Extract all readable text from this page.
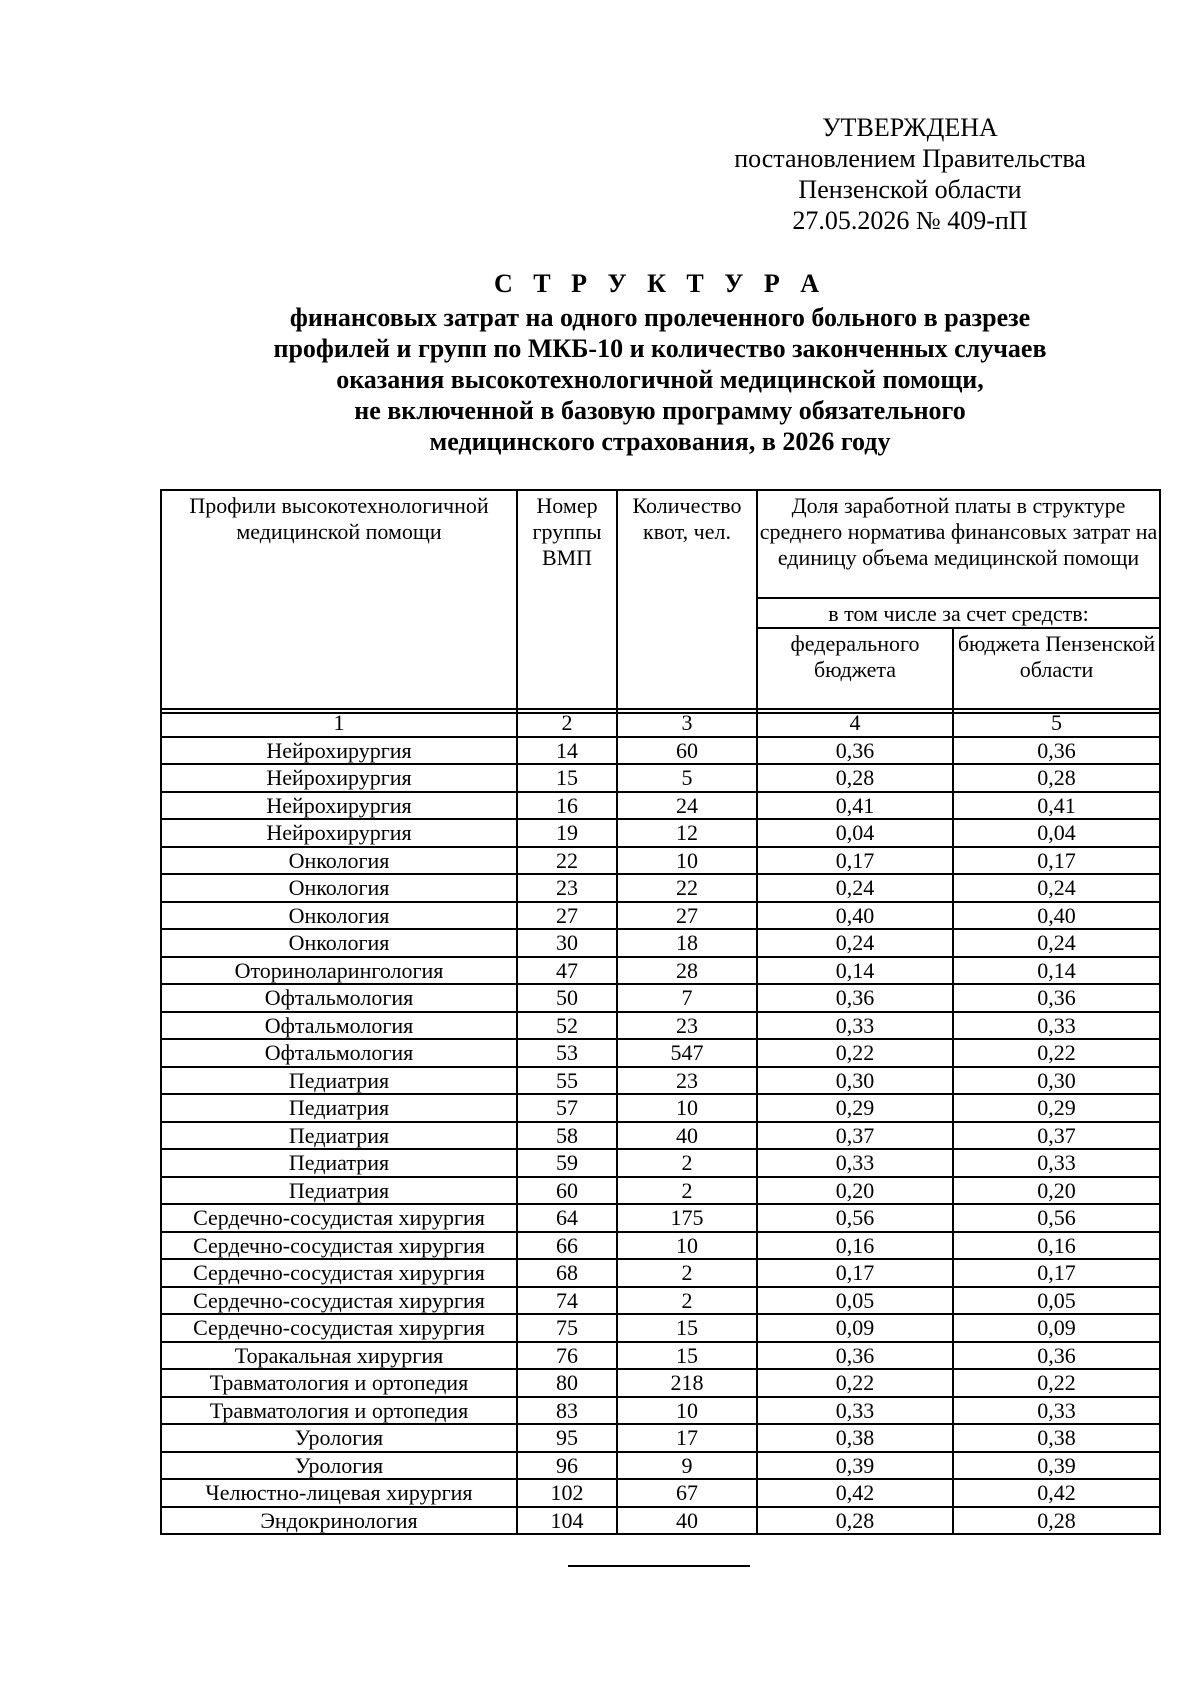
УТВЕРЖДЕНА
постановлением Правительства
Пензенской области
27.05.2026 № 409-пП
С Т Р У К Т У Р А
финансовых затрат на одного пролеченного больного в разрезе
профилей и групп по МКБ-10 и количество законченных случаев
оказания высокотехнологичной медицинской помощи,
не включенной в базовую программу обязательного
медицинского страхования, в 2026 году
Профили высокотехнологичной медицинской помощи	Номер группы ВМП	Количество квот, чел.	Доля заработной платы в структуре среднего норматива финансовых затрат на единицу объема медицинской помощи	
			в том числе за счет средств:	
			федерального бюджета	бюджета Пензенской области
1	2	3	4	5
Нейрохирургия	14	60	0,36	0,36
Нейрохирургия	15	5	0,28	0,28
Нейрохирургия	16	24	0,41	0,41
Нейрохирургия	19	12	0,04	0,04
Онкология	22	10	0,17	0,17
Онкология	23	22	0,24	0,24
Онкология	27	27	0,40	0,40
Онкология	30	18	0,24	0,24
Оториноларингология	47	28	0,14	0,14
Офтальмология	50	7	0,36	0,36
Офтальмология	52	23	0,33	0,33
Офтальмология	53	547	0,22	0,22
Педиатрия	55	23	0,30	0,30
Педиатрия	57	10	0,29	0,29
Педиатрия	58	40	0,37	0,37
Педиатрия	59	2	0,33	0,33
Педиатрия	60	2	0,20	0,20
Сердечно-сосудистая хирургия	64	175	0,56	0,56
Сердечно-сосудистая хирургия	66	10	0,16	0,16
Сердечно-сосудистая хирургия	68	2	0,17	0,17
Сердечно-сосудистая хирургия	74	2	0,05	0,05
Сердечно-сосудистая хирургия	75	15	0,09	0,09
Торакальная хирургия	76	15	0,36	0,36
Травматология и ортопедия	80	218	0,22	0,22
Травматология и ортопедия	83	10	0,33	0,33
Урология	95	17	0,38	0,38
Урология	96	9	0,39	0,39
Челюстно-лицевая хирургия	102	67	0,42	0,42
Эндокринология	104	40	0,28	0,28
